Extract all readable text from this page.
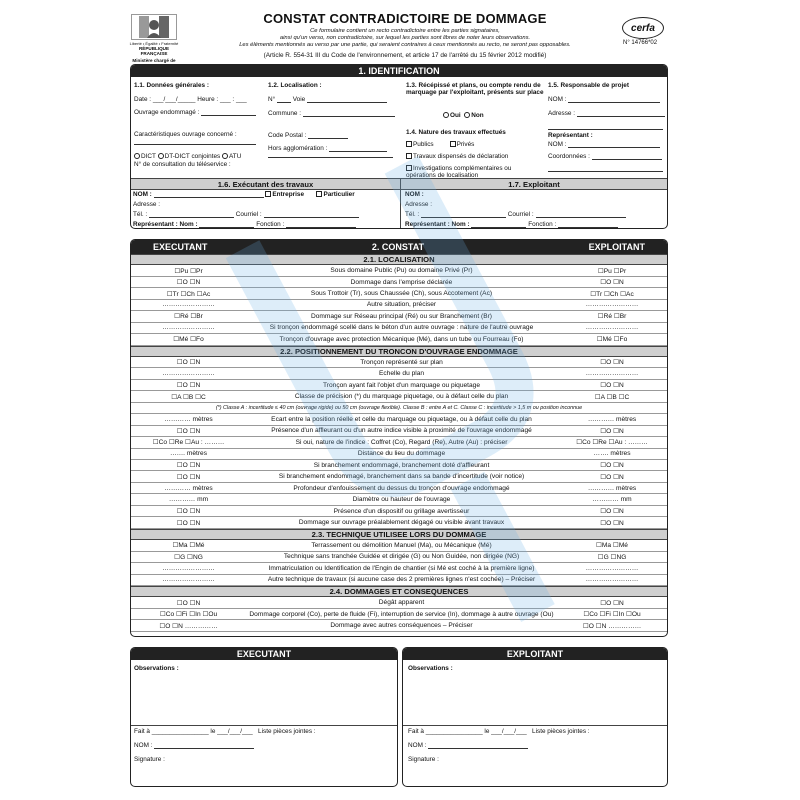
Liberté • Égalité • Fraternité
RÉPUBLIQUE FRANÇAISE
Ministère chargé de
CONSTAT CONTRADICTOIRE DE DOMMAGE
Ce formulaire contient un recto contradictoire entre les parties signataires,
ainsi qu'un verso, non contradictoire, sur lequel les parties sont libres de noter leurs observations.
Les éléments mentionnés au verso par une partie, qui seraient contraires à ceux mentionnés au recto, ne seront pas opposables.
(Article R. 554-31 III du Code de l'environnement, et article 17 de l'arrêté du 15 février 2012 modifié)
cerfa
N° 14766*02
1. IDENTIFICATION
1.1. Données générales :
Date : ___/___/_____ Heure : ___ : ___
Ouvrage endommagé :
Caractéristiques ouvrage concerné :
DICT DT-DICT conjointes ATU
N° de consultation du téléservice :
1.2. Localisation :
N°	Voie
Commune :
Code Postal :
Hors agglomération :
1.3. Récépissé et plans, ou compte rendu de marquage par l'exploitant, présents sur place
Oui Non
1.4. Nature des travaux effectués
Publics	Privés
Travaux dispensés de déclaration
Investigations complémentaires ou opérations de localisation
1.5. Responsable de projet
NOM :
Adresse :
Représentant :
NOM :
Coordonnées :
1.6. Exécutant des travaux
NOM :	Entreprise	Particulier
Adresse :
Tél. :	Courriel :
Représentant : Nom :	Fonction :
1.7. Exploitant
NOM :
Adresse :
Tél. :	Courriel :
Représentant : Nom :	Fonction :
EXECUTANT	2. CONSTAT	EXPLOITANT
2.1. LOCALISATION
☐Pu ☐Pr	Sous domaine Public (Pu) ou domaine Privé (Pr)	☐Pu ☐Pr
☐O ☐N	Dommage dans l'emprise déclarée	☐O ☐N
☐Tr ☐Ch ☐Ac	Sous Trottoir (Tr), sous Chaussée (Ch), sous Accotement (Ac)	☐Tr ☐Ch ☐Ac
……………………	Autre situation, préciser	……………………
☐Ré ☐Br	Dommage sur Réseau principal (Ré) ou sur Branchement (Br)	☐Ré ☐Br
……………………	Si tronçon endommagé scellé dans le béton d'un autre ouvrage : nature de l'autre ouvrage	……………………
☐Mé ☐Fo	Tronçon d'ouvrage avec protection Mécanique (Mé), dans un tube ou Fourreau (Fo)	☐Mé ☐Fo
2.2. POSITIONNEMENT DU TRONCON D'OUVRAGE ENDOMMAGE
☐O ☐N	Tronçon représenté sur plan	☐O ☐N
……………………	Echelle du plan	……………………
☐O ☐N	Tronçon ayant fait l'objet d'un marquage ou piquetage	☐O ☐N
☐A ☐B ☐C	Classe de précision (*) du marquage piquetage, ou à défaut celle du plan	☐A ☐B ☐C
(*) Classe A : incertitude ≤ 40 cm (ouvrage rigide) ou 50 cm (ouvrage flexible). Classe B : entre A et C. Classe C : incertitude > 1,5 m ou position inconnue
………… mètres	Ecart entre la position réelle et celle du marquage ou piquetage, ou à défaut celle du plan	………… mètres
☐O ☐N	Présence d'un affleurant ou d'un autre indice visible à proximité de l'ouvrage endommagé	☐O ☐N
☐Co ☐Re ☐Au : ………	Si oui, nature de l'indice : Coffret (Co), Regard (Re), Autre (Au) : préciser	☐Co ☐Re ☐Au : ………
……. mètres	Distance du lieu du dommage	……. mètres
☐O ☐N	Si branchement endommagé, branchement doté d'affleurant	☐O ☐N
☐O ☐N	Si branchement endommagé, branchement dans sa bande d'incertitude (voir notice)	☐O ☐N
………… mètres	Profondeur d'enfouissement du dessus du tronçon d'ouvrage endommagé	………… mètres
………… mm	Diamètre ou hauteur de l'ouvrage	………… mm
☐O ☐N	Présence d'un dispositif ou grillage avertisseur	☐O ☐N
☐O ☐N	Dommage sur ouvrage préalablement dégagé ou visible avant travaux	☐O ☐N
2.3. TECHNIQUE UTILISEE LORS DU DOMMAGE
☐Ma ☐Mé	Terrassement ou démolition Manuel (Ma), ou Mécanique (Mé)	☐Ma ☐Mé
☐G ☐NG	Technique sans tranchée Guidée et dirigée (G) ou Non Guidée, non dirigée (NG)	☐G ☐NG
……………………	Immatriculation ou Identification de l'Engin de chantier (si Mé est coché à la première ligne)	……………………
……………………	Autre technique de travaux (si aucune case des 2 premières lignes n'est cochée) – Préciser	……………………
2.4. DOMMAGES ET CONSEQUENCES
☐O ☐N	Dégât apparent	☐O ☐N
☐Co ☐Fi ☐In ☐Ou	Dommage corporel (Co), perte de fluide (Fi), interruption de service (In), dommage à autre ouvrage (Ou)	☐Co ☐Fi ☐In ☐Ou
☐O ☐N ……………	Dommage avec autres conséquences – Préciser	☐O ☐N ……………
EXECUTANT
Observations :
Fait à ________________ le ___/___/___ Liste pièces jointes :
NOM :
Signature :
EXPLOITANT
Observations :
Fait à ________________ le ___/___/___ Liste pièces jointes :
NOM :
Signature :
